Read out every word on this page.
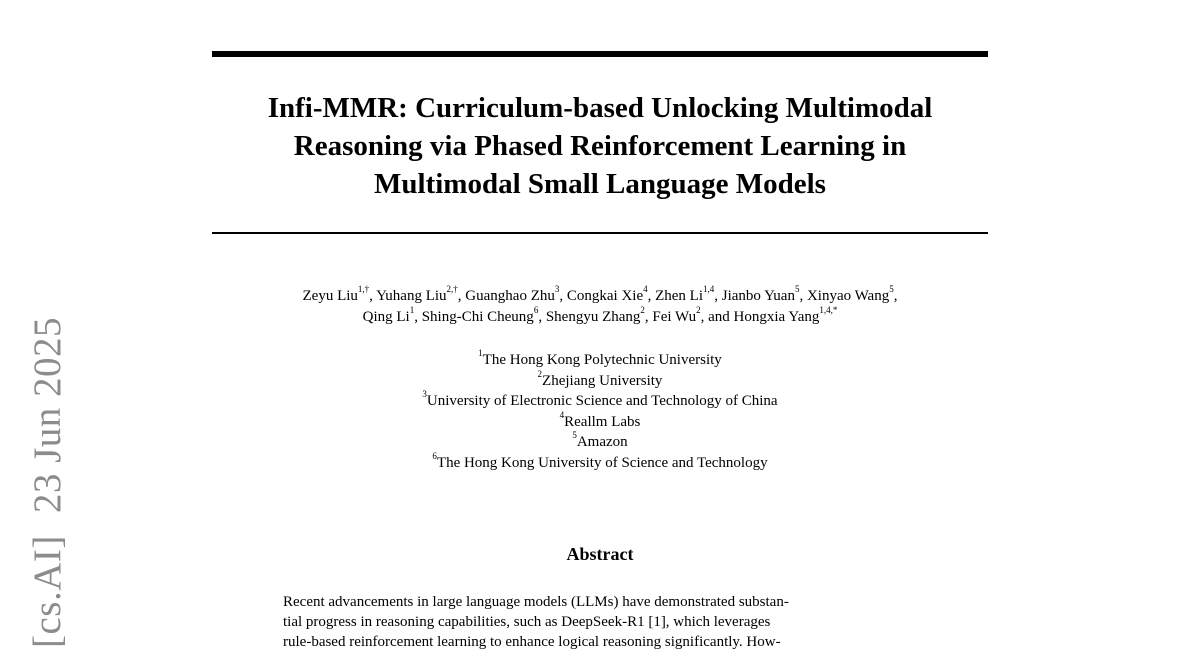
Infi-MMR: Curriculum-based Unlocking Multimodal
Reasoning via Phased Reinforcement Learning in
Multimodal Small Language Models
Zeyu Liu$^{1,\dagger}$, Yuhang Liu$^{2,\dagger}$, Guanghao Zhu$^3$, Congkai Xie$^4$, Zhen Li$^{1,4}$, Jianbo Yuan$^5$, Xinyao Wang$^5$,
Qing Li$^1$, Shing-Chi Cheung$^6$, Shengyu Zhang$^2$, Fei Wu$^2$, and Hongxia Yang$^{1,4,*}$
$^1$The Hong Kong Polytechnic University
$^2$Zhejiang University
$^3$University of Electronic Science and Technology of China
$^4$Reallm Labs
$^5$Amazon
$^6$The Hong Kong University of Science and Technology
Abstract
Recent advancements in large language models (LLMs) have demonstrated substan-
tial progress in reasoning capabilities, such as DeepSeek-R1 [1], which leverages
rule-based reinforcement learning to enhance logical reasoning significantly. How-
[cs.AI]23 Jun 2025
